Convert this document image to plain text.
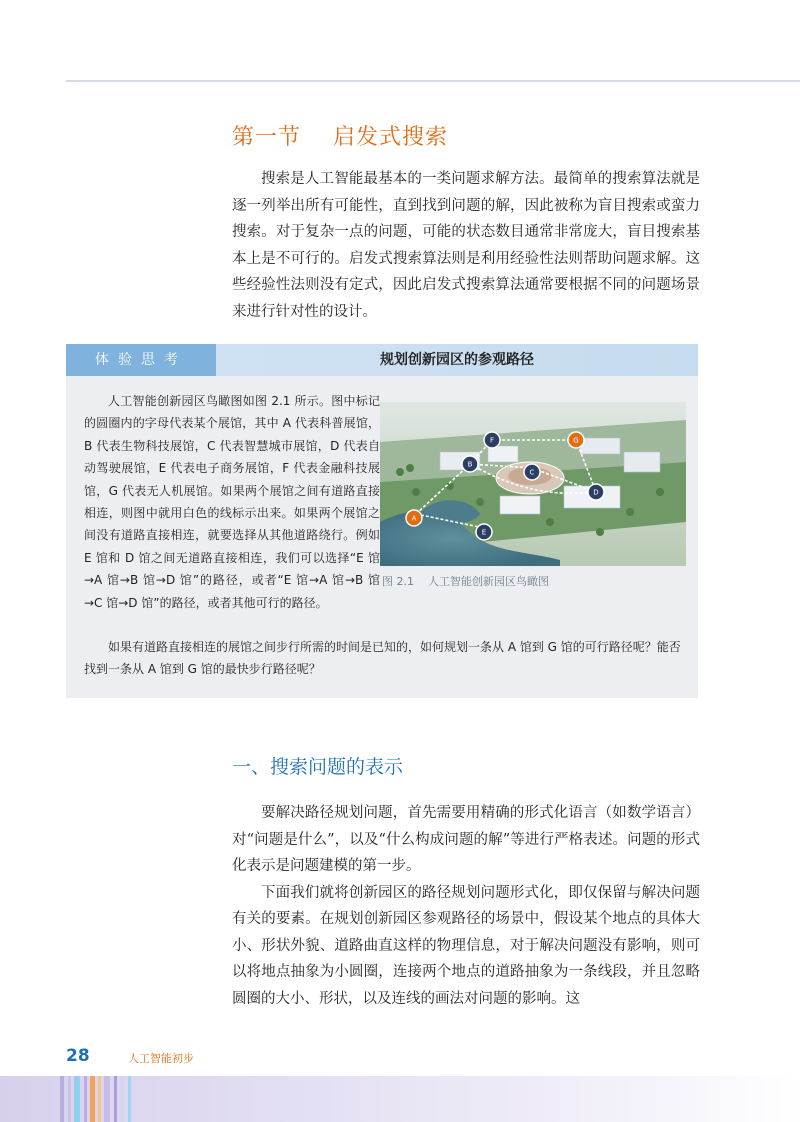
第一节    启发式搜索

搜索是人工智能最基本的一类问题求解方法。最简单的搜索算法就是逐一列举出所有可能性，直到找到问题的解，因此被称为盲目搜索或蛮力搜索。对于复杂一点的问题，可能的状态数目通常非常庞大，盲目搜索基本上是不可行的。启发式搜索算法则是利用经验性法则帮助问题求解。这些经验性法则没有定式，因此启发式搜索算法通常要根据不同的问题场景来进行针对性的设计。

体验思考	规划创新园区的参观路径

人工智能创新园区鸟瞰图如图 2.1 所示。图中标记的圆圈内的字母代表某个展馆，其中 A 代表科普展馆，B 代表生物科技展馆，C 代表智慧城市展馆，D 代表自动驾驶展馆，E 代表电子商务展馆，F 代表金融科技展馆，G 代表无人机展馆。如果两个展馆之间有道路直接相连，则图中就用白色的线标示出来。如果两个展馆之间没有道路直接相连，就要选择从其他道路绕行。例如 E 馆和 D 馆之间无道路直接相连，我们可以选择“E 馆→A 馆→B 馆→D 馆”的路径，或者“E 馆→A 馆→B 馆→C 馆→D 馆”的路径，或者其他可行的路径。

A
B
C
D
E
F	G
图 2.1    人工智能创新园区鸟瞰图

如果有道路直接相连的展馆之间步行所需的时间是已知的，如何规划一条从 A 馆到 G 馆的可行路径呢？能否找到一条从 A 馆到 G 馆的最快步行路径呢？

一、搜索问题的表示

要解决路径规划问题，首先需要用精确的形式化语言（如数学语言）对“问题是什么”，以及“什么构成问题的解”等进行严格表述。问题的形式化表示是问题建模的第一步。

下面我们就将创新园区的路径规划问题形式化，即仅保留与解决问题有关的要素。在规划创新园区参观路径的场景中，假设某个地点的具体大小、形状外貌、道路曲直这样的物理信息，对于解决问题没有影响，则可以将地点抽象为小圆圈，连接两个地点的道路抽象为一条线段，并且忽略圆圈的大小、形状，以及连线的画法对问题的影响。这

28	人工智能初步
